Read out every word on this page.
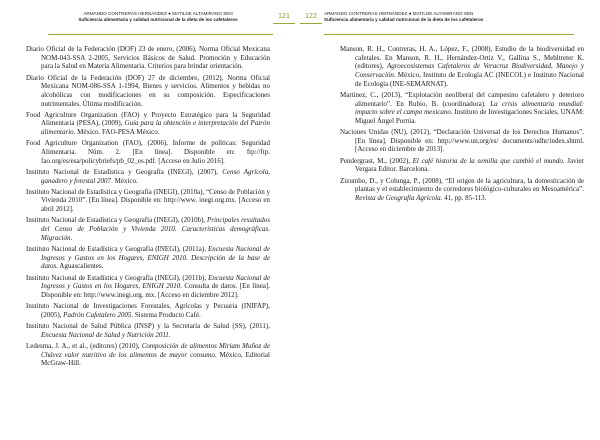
ARMANDO CONTRERAS HERNÁNDEZ ● MATILDE ALTAMIRANO SEN
Suficiencia alimentaria y calidad nutricional de la dieta de los cafetaleros	121

Diario Oficial de la Federación (DOF) 23 de enero, (2006), Norma Oficial Mexicana NOM-043-SSA 2-2005, Servicios Básicos de Salud. Promoción y Educación para la Salud en Materia Alimentaria. Criterios para brindar orientación.

Diario Oficial de la Federación (DOF) 27 de diciembre, (2012), Norma Oficial Mexicana NOM-086-SSA 1-1994, Bienes y servicios. Alimentos y bebidas no alcohólicas con modificaciones en su composición. Especificaciones nutrimentales. Última modificación.

Food Agriculture Organization (FAO) y Proyecto Estratégico para la Seguridad Alimentaria (PESA), (2009), Guía para la obtención e interpretación del Patrón alimentario. México. FAO-PESA México.

Food Agriculture Organization (FAO), (2006), Informe de políticas: Seguridad Alimentaria. Núm. 2. [En línea]. Disponible en: ftp://ftp. fao.org/es/esa/policybriefs/pb_02_es.pdf. [Acceso en Julio 2016].

Instituto Nacional de Estadística y Geografía (INEGI), (2007), Censo Agrícola, ganadero y forestal 2007. México.

Instituto Nacional de Estadística y Geografía (INEGI), (2010a), “Censo de Población y Vivienda 2010”. [En línea]. Disponible en: http://www. inegi.org.mx. [Acceso en abril 2012].

Instituto Nacional de Estadística y Geografía (INEGI), (2010b), Principales resultados del Censo de Población y Vivienda 2010. Características demográficas. Migración.

Instituto Nacional de Estadística y Geografía (INEGI), (2011a), Encuesta Nacional de Ingresos y Gastos en los Hogares, ENIGH 2010. Descripción de la base de datos. Aguascalientes.

Instituto Nacional de Estadística y Geografía (INEGI), (2011b), Encuesta Nacional de Ingresos y Gastos en los Hogares, ENIGH 2010. Consulta de datos. [En línea]. Disponible en: http://www.inegi.org. mx. [Acceso en diciembre 2012].

Instituto Nacional de Investigaciones Forestales, Agrícolas y Pecuaria (INIFAP), (2005), Padrón Cafetalero 2005. Sistema Producto Café.

Instituto Nacional de Salud Pública (INSP) y la Secretaría de Salud (SS), (2011), Encuesta Nacional de Salud y Nutrición 2011.

Ledesma, J. A., et al., (editores) (2010), Composición de alimentos Miriam Muñoz de Chávez valor nutritivo de los alimentos de mayor consumo. México, Editorial McGraw-Hill.

122	ARMANDO CONTRERAS HERNÁNDEZ ● MATILDE ALTAMIRANO SEN
Suficiencia alimentaria y calidad nutricional de la dieta de los cafetaleros

Manson, R. H., Contreras, H. A., López, F., (2008), Estudio de la biodiversidad en cafetales. En Manson, R. H., Hernández-Ortiz V., Gallina S., Mehltreter K. (editores), Agroecosistemas Cafetaleros de Veracruz Biodiversidad, Manejo y Conservación. México, Instituto de Ecología AC (INECOL) e Instituto Nacional de Ecología (INE-SEMARNAT).

Martínez, C., (2013), “Explotación neoliberal del campesino cafetalero y deterioro alimentario”. En Rubio, B. (coordinadora). La crisis alimentaria mundial: impacto sobre el campo mexicano. Instituto de Investigaciones Sociales, UNAM: Miguel Ángel Porrúa.

Naciones Unidas (NU), (2012), “Declaración Universal de los Derechos Humanos”. [En línea]. Disponible en: http://www.un.org/es/ documents/udhr/index.shtml. [Acceso en diciembre de 2013].

Pendergrast, M., (2002), El café historia de la semilla que cambió el mundo. Javier Vergara Editor. Barcelona.

Zizumbo, D., y Colunga, P., (2008), “El origen de la agricultura, la domesticación de plantas y el establecimiento de corredores biológico-culturales en Mesoamérica”. Revista de Geografía Agrícola. 41, pp. 85-113.
